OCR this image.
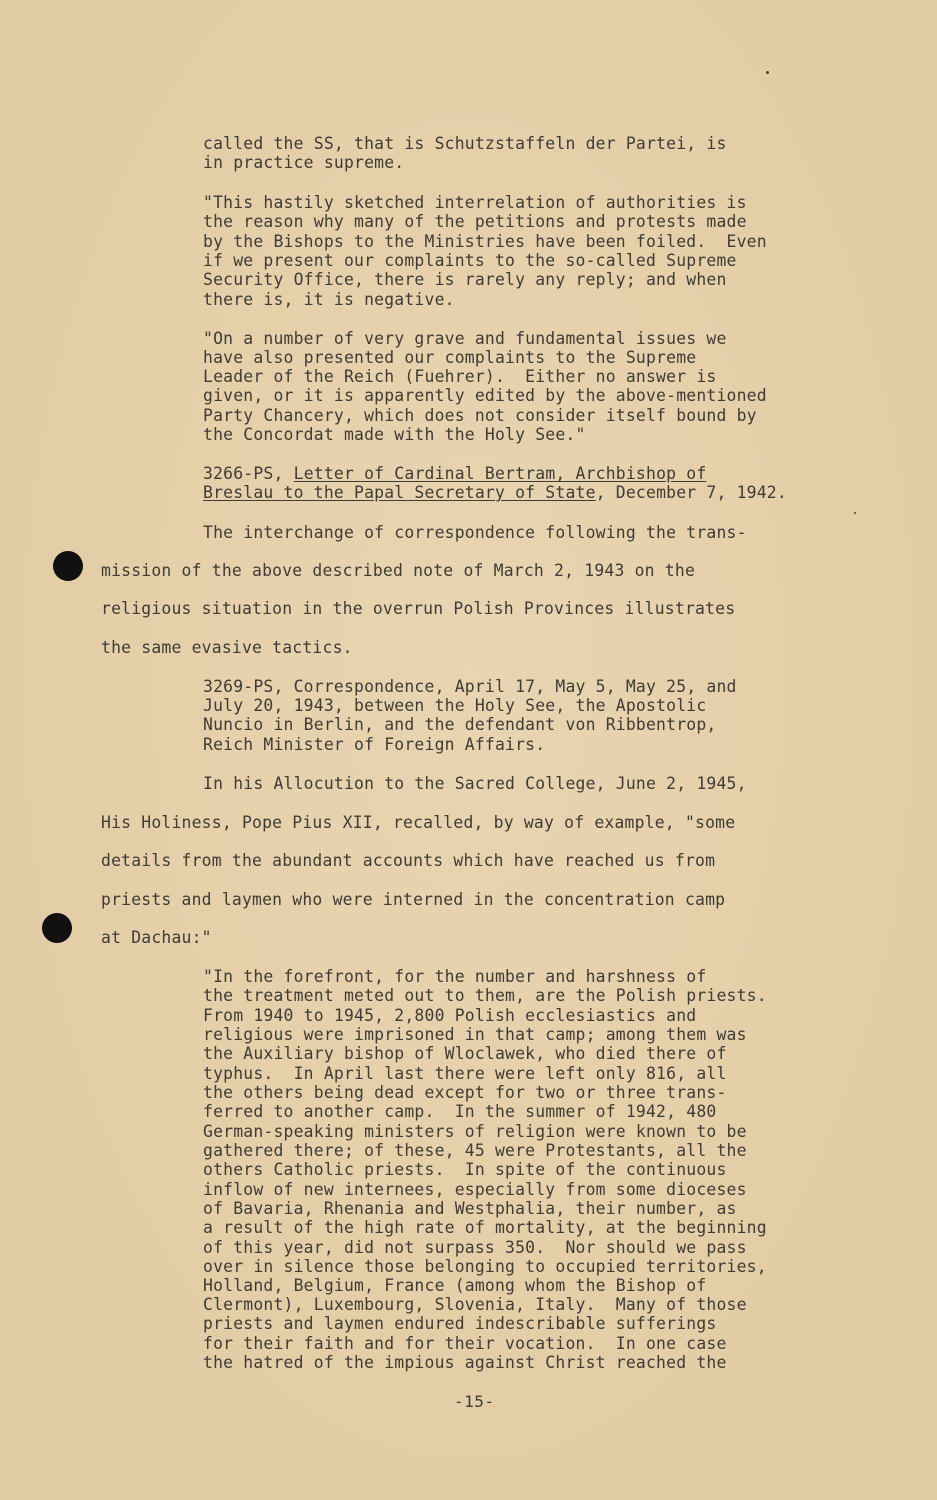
called the SS, that is Schutzstaffeln der Partei, is
in practice supreme.
"This hastily sketched interrelation of authorities is
the reason why many of the petitions and protests made
by the Bishops to the Ministries have been foiled.  Even
if we present our complaints to the so-called Supreme
Security Office, there is rarely any reply; and when
there is, it is negative.
"On a number of very grave and fundamental issues we
have also presented our complaints to the Supreme
Leader of the Reich (Fuehrer).  Either no answer is
given, or it is apparently edited by the above-mentioned
Party Chancery, which does not consider itself bound by
the Concordat made with the Holy See."
3266-PS, Letter of Cardinal Bertram, Archbishop of
Breslau to the Papal Secretary of State, December 7, 1942.
The interchange of correspondence following the trans-
mission of the above described note of March 2, 1943 on the
religious situation in the overrun Polish Provinces illustrates
the same evasive tactics.
3269-PS, Correspondence, April 17, May 5, May 25, and
July 20, 1943, between the Holy See, the Apostolic
Nuncio in Berlin, and the defendant von Ribbentrop,
Reich Minister of Foreign Affairs.
In his Allocution to the Sacred College, June 2, 1945,
His Holiness, Pope Pius XII, recalled, by way of example, "some
details from the abundant accounts which have reached us from
priests and laymen who were interned in the concentration camp
at Dachau:"
"In the forefront, for the number and harshness of
the treatment meted out to them, are the Polish priests.
From 1940 to 1945, 2,800 Polish ecclesiastics and
religious were imprisoned in that camp; among them was
the Auxiliary bishop of Wloclawek, who died there of
typhus.  In April last there were left only 816, all
the others being dead except for two or three trans-
ferred to another camp.  In the summer of 1942, 480
German-speaking ministers of religion were known to be
gathered there; of these, 45 were Protestants, all the
others Catholic priests.  In spite of the continuous
inflow of new internees, especially from some dioceses
of Bavaria, Rhenania and Westphalia, their number, as
a result of the high rate of mortality, at the beginning
of this year, did not surpass 350.  Nor should we pass
over in silence those belonging to occupied territories,
Holland, Belgium, France (among whom the Bishop of
Clermont), Luxembourg, Slovenia, Italy.  Many of those
priests and laymen endured indescribable sufferings
for their faith and for their vocation.  In one case
the hatred of the impious against Christ reached the
-15-
